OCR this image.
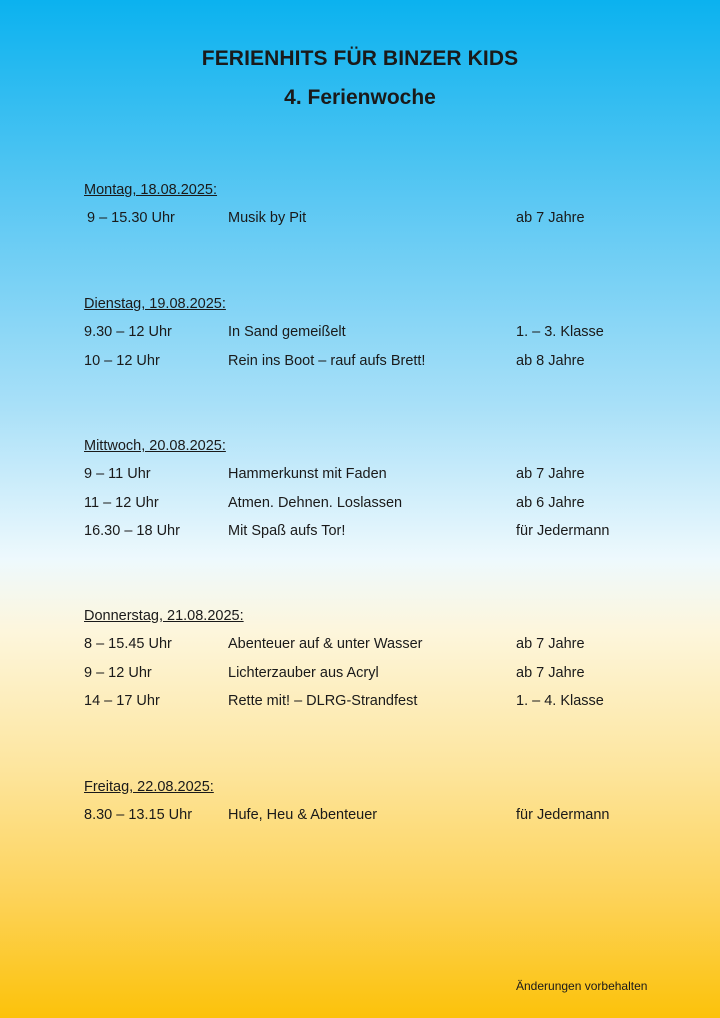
FERIENHITS FÜR BINZER KIDS
4. Ferienwoche
Montag, 18.08.2025:
9 – 15.30 Uhr	Musik by Pit	ab 7 Jahre
Dienstag, 19.08.2025:
9.30 – 12 Uhr	In Sand gemeißelt	1. – 3. Klasse
10 – 12 Uhr	Rein ins Boot – rauf aufs Brett!	ab 8 Jahre
Mittwoch, 20.08.2025:
9 – 11 Uhr	Hammerkunst mit Faden	ab 7 Jahre
11 – 12 Uhr	Atmen. Dehnen. Loslassen	ab 6 Jahre
16.30 – 18 Uhr	Mit Spaß aufs Tor!	für Jedermann
Donnerstag, 21.08.2025:
8 – 15.45 Uhr	Abenteuer auf & unter Wasser	ab 7 Jahre
9 – 12 Uhr	Lichterzauber aus Acryl	ab 7 Jahre
14 – 17 Uhr	Rette mit! – DLRG-Strandfest	1. – 4. Klasse
Freitag, 22.08.2025:
8.30 – 13.15 Uhr Hufe, Heu & Abenteuer	für Jedermann
Änderungen vorbehalten
